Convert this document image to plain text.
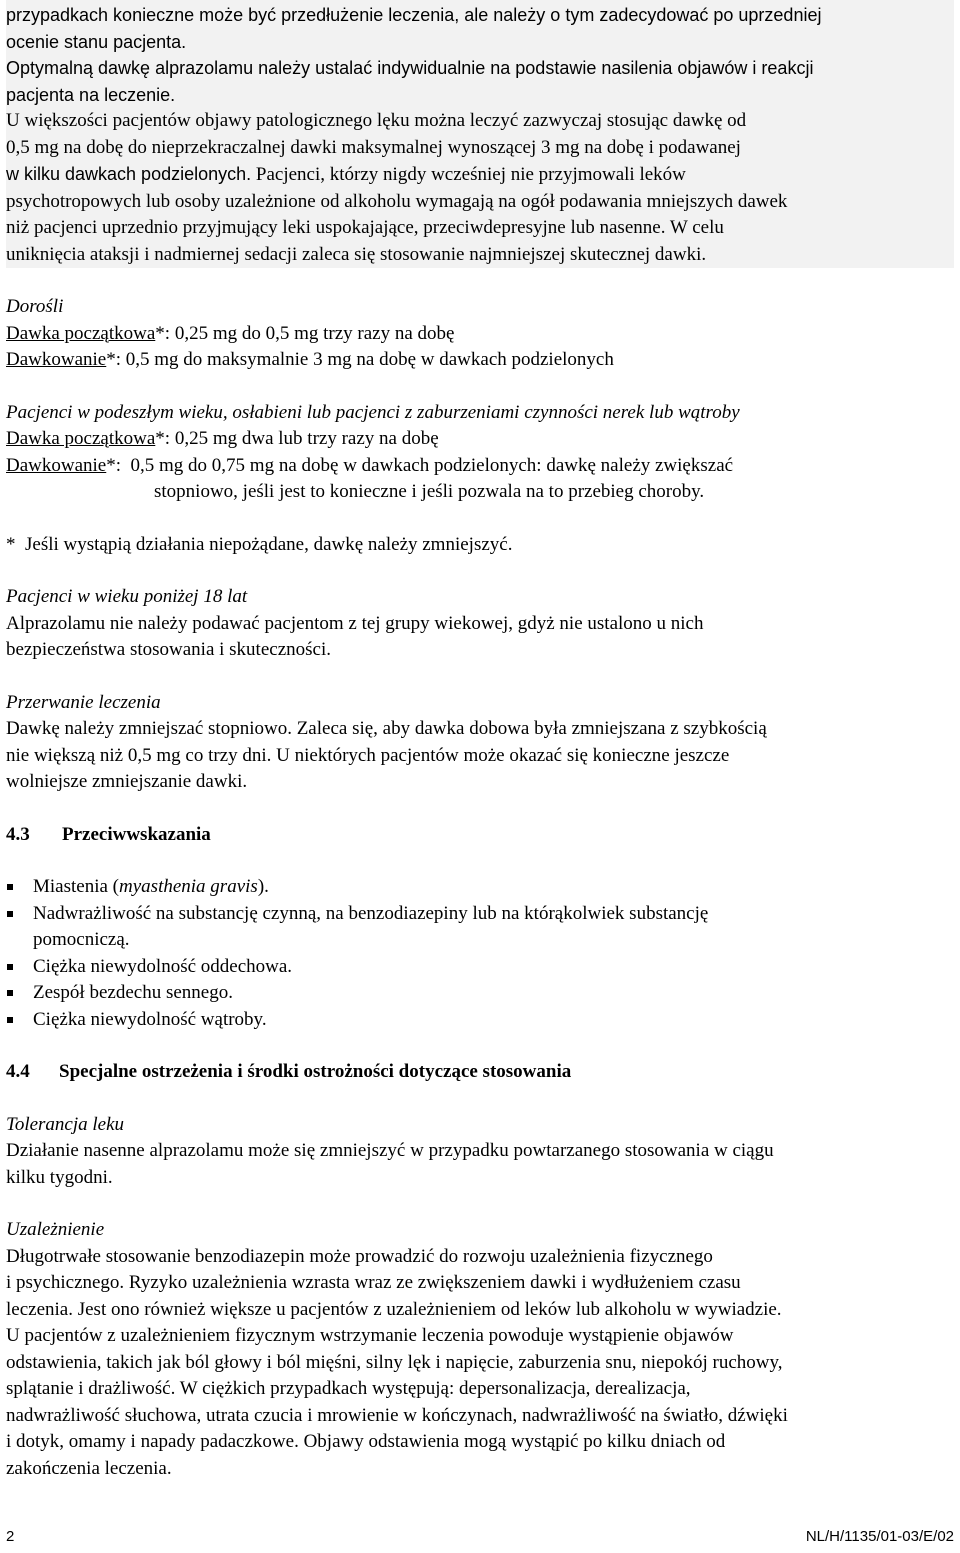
przypadkach konieczne może być przedłużenie leczenia, ale należy o tym zadecydować po uprzedniej

ocenie stanu pacjenta.

Optymalną dawkę alprazolamu należy ustalać indywidualnie na podstawie nasilenia objawów i reakcji

pacjenta na leczenie.

U większości pacjentów objawy patologicznego lęku można leczyć zazwyczaj stosując dawkę od

0,5 mg na dobę do nieprzekraczalnej dawki maksymalnej wynoszącej 3 mg na dobę i podawanej

w kilku dawkach podzielonych. Pacjenci, którzy nigdy wcześniej nie przyjmowali leków

psychotropowych lub osoby uzależnione od alkoholu wymagają na ogół podawania mniejszych dawek

niż pacjenci uprzednio przyjmujący leki uspokajające, przeciwdepresyjne lub nasenne. W celu

uniknięcia ataksji i nadmiernej sedacji zaleca się stosowanie najmniejszej skutecznej dawki.

Dorośli

Dawka początkowa*: 0,25 mg do 0,5 mg trzy razy na dobę

Dawkowanie*: 0,5 mg do maksymalnie 3 mg na dobę w dawkach podzielonych

Pacjenci w podeszłym wieku, osłabieni lub pacjenci z zaburzeniami czynności nerek lub wątroby

Dawka początkowa*: 0,25 mg dwa lub trzy razy na dobę

Dawkowanie*:  0,5 mg do 0,75 mg na dobę w dawkach podzielonych: dawkę należy zwiększać

stopniowo, jeśli jest to konieczne i jeśli pozwala na to przebieg choroby.

*  Jeśli wystąpią działania niepożądane, dawkę należy zmniejszyć.

Pacjenci w wieku poniżej 18 lat

Alprazolamu nie należy podawać pacjentom z tej grupy wiekowej, gdyż nie ustalono u nich

bezpieczeństwa stosowania i skuteczności.

Przerwanie leczenia

Dawkę należy zmniejszać stopniowo. Zaleca się, aby dawka dobowa była zmniejszana z szybkością

nie większą niż 0,5 mg co trzy dni. U niektórych pacjentów może okazać się konieczne jeszcze

wolniejsze zmniejszanie dawki.

4.3	Przeciwwskazania
Miastenia (myasthenia gravis).
Nadwrażliwość na substancję czynną, na benzodiazepiny lub na którąkolwiek substancję
pomocniczą.
Ciężka niewydolność oddechowa.
Zespół bezdechu sennego.
Ciężka niewydolność wątroby.
4.4	Specjalne ostrzeżenia i środki ostrożności dotyczące stosowania

Tolerancja leku

Działanie nasenne alprazolamu może się zmniejszyć w przypadku powtarzanego stosowania w ciągu

kilku tygodni.

Uzależnienie

Długotrwałe stosowanie benzodiazepin może prowadzić do rozwoju uzależnienia fizycznego

i psychicznego. Ryzyko uzależnienia wzrasta wraz ze zwiększeniem dawki i wydłużeniem czasu

leczenia. Jest ono również większe u pacjentów z uzależnieniem od leków lub alkoholu w wywiadzie.

U pacjentów z uzależnieniem fizycznym wstrzymanie leczenia powoduje wystąpienie objawów

odstawienia, takich jak ból głowy i ból mięśni, silny lęk i napięcie, zaburzenia snu, niepokój ruchowy,

splątanie i drażliwość. W ciężkich przypadkach występują: depersonalizacja, derealizacja,

nadwrażliwość słuchowa, utrata czucia i mrowienie w kończynach, nadwrażliwość na światło, dźwięki

i dotyk, omamy i napady padaczkowe. Objawy odstawienia mogą wystąpić po kilku dniach od

zakończenia leczenia.

2	NL/H/1135/01-03/E/02
